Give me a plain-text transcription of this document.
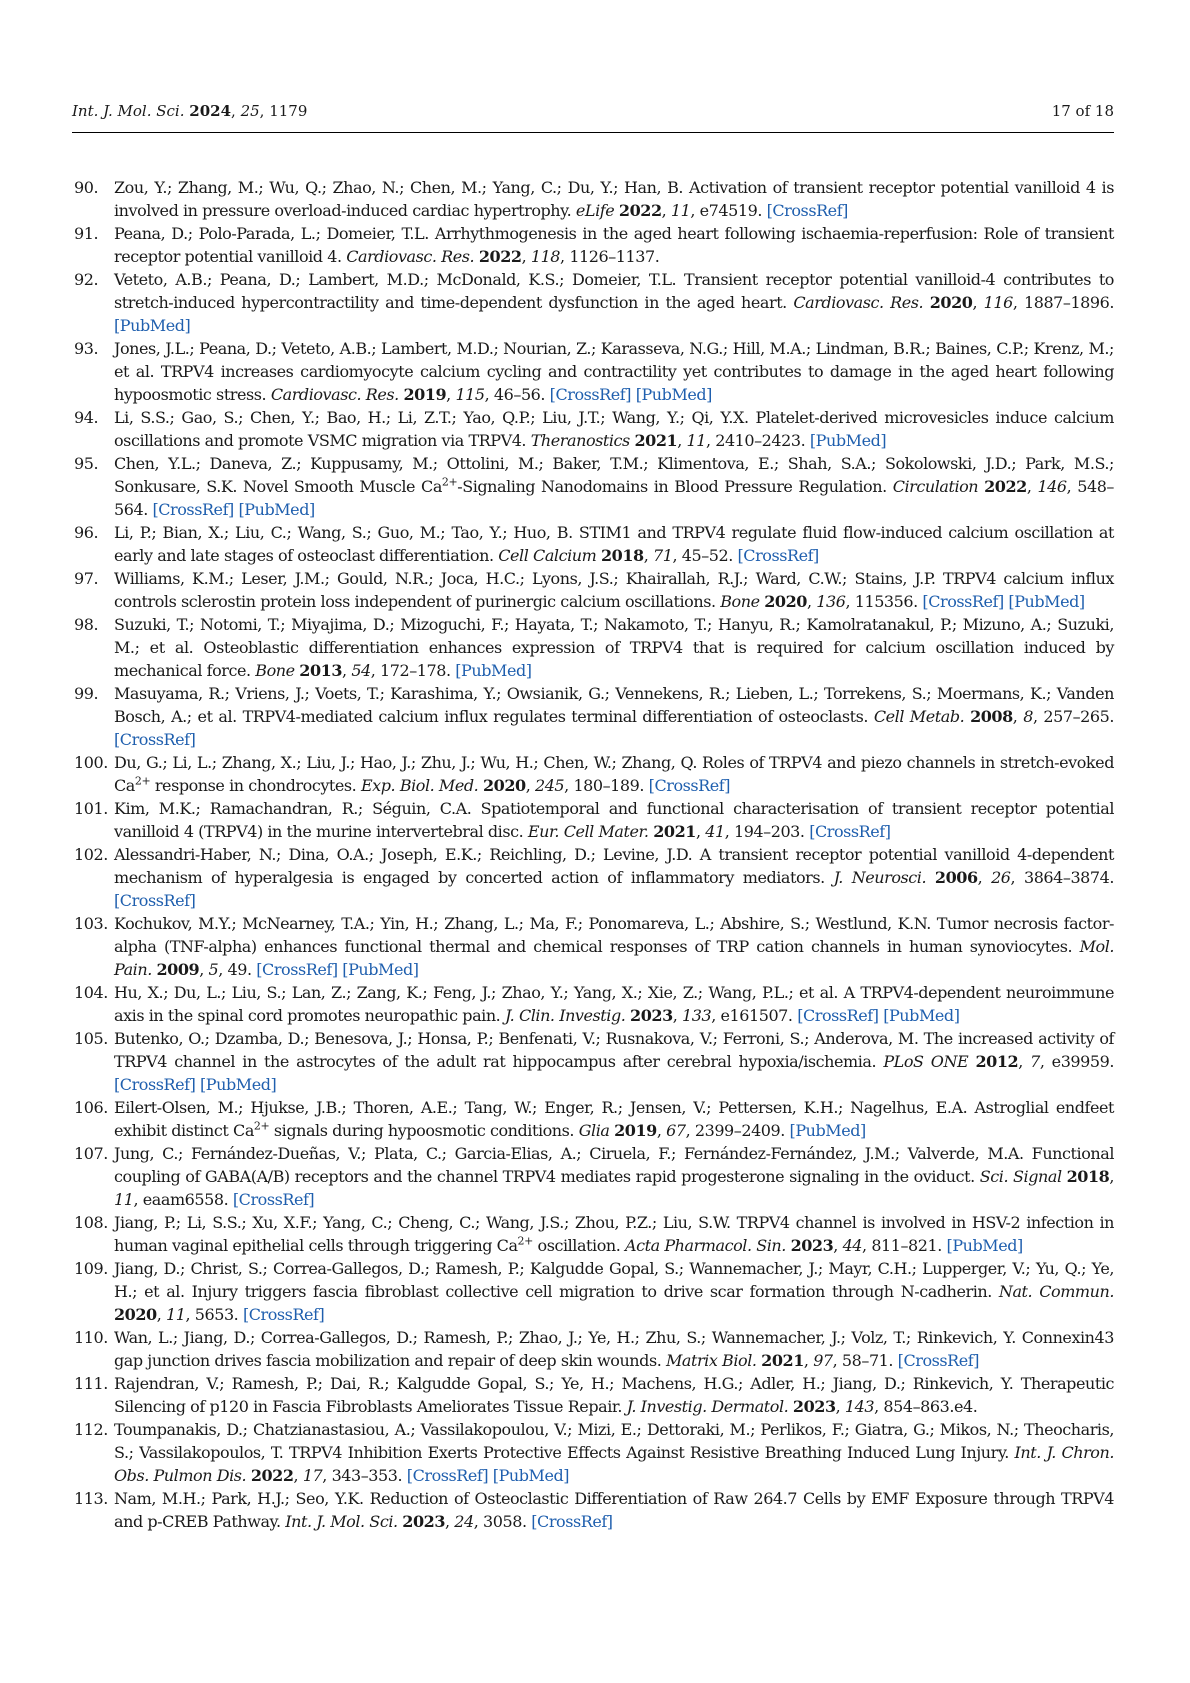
Int. J. Mol. Sci. 2024, 25, 1179	17 of 18
90. Zou, Y.; Zhang, M.; Wu, Q.; Zhao, N.; Chen, M.; Yang, C.; Du, Y.; Han, B. Activation of transient receptor potential vanilloid 4 is involved in pressure overload-induced cardiac hypertrophy. eLife 2022, 11, e74519. [CrossRef]
91. Peana, D.; Polo-Parada, L.; Domeier, T.L. Arrhythmogenesis in the aged heart following ischaemia-reperfusion: Role of transient receptor potential vanilloid 4. Cardiovasc. Res. 2022, 118, 1126–1137.
92. Veteto, A.B.; Peana, D.; Lambert, M.D.; McDonald, K.S.; Domeier, T.L. Transient receptor potential vanilloid-4 contributes to stretch-induced hypercontractility and time-dependent dysfunction in the aged heart. Cardiovasc. Res. 2020, 116, 1887–1896. [PubMed]
93. Jones, J.L.; Peana, D.; Veteto, A.B.; Lambert, M.D.; Nourian, Z.; Karasseva, N.G.; Hill, M.A.; Lindman, B.R.; Baines, C.P.; Krenz, M.; et al. TRPV4 increases cardiomyocyte calcium cycling and contractility yet contributes to damage in the aged heart following hypoosmotic stress. Cardiovasc. Res. 2019, 115, 46–56. [CrossRef] [PubMed]
94. Li, S.S.; Gao, S.; Chen, Y.; Bao, H.; Li, Z.T.; Yao, Q.P.; Liu, J.T.; Wang, Y.; Qi, Y.X. Platelet-derived microvesicles induce calcium oscillations and promote VSMC migration via TRPV4. Theranostics 2021, 11, 2410–2423. [PubMed]
95. Chen, Y.L.; Daneva, Z.; Kuppusamy, M.; Ottolini, M.; Baker, T.M.; Klimentova, E.; Shah, S.A.; Sokolowski, J.D.; Park, M.S.; Sonkusare, S.K. Novel Smooth Muscle $Ca^{2+}$-Signaling Nanodomains in Blood Pressure Regulation. Circulation 2022, 146, 548–564. [CrossRef] [PubMed]
96. Li, P.; Bian, X.; Liu, C.; Wang, S.; Guo, M.; Tao, Y.; Huo, B. STIM1 and TRPV4 regulate fluid flow-induced calcium oscillation at early and late stages of osteoclast differentiation. Cell Calcium 2018, 71, 45–52. [CrossRef]
97. Williams, K.M.; Leser, J.M.; Gould, N.R.; Joca, H.C.; Lyons, J.S.; Khairallah, R.J.; Ward, C.W.; Stains, J.P. TRPV4 calcium influx controls sclerostin protein loss independent of purinergic calcium oscillations. Bone 2020, 136, 115356. [CrossRef] [PubMed]
98. Suzuki, T.; Notomi, T.; Miyajima, D.; Mizoguchi, F.; Hayata, T.; Nakamoto, T.; Hanyu, R.; Kamolratanakul, P.; Mizuno, A.; Suzuki, M.; et al. Osteoblastic differentiation enhances expression of TRPV4 that is required for calcium oscillation induced by mechanical force. Bone 2013, 54, 172–178. [PubMed]
99. Masuyama, R.; Vriens, J.; Voets, T.; Karashima, Y.; Owsianik, G.; Vennekens, R.; Lieben, L.; Torrekens, S.; Moermans, K.; Vanden Bosch, A.; et al. TRPV4-mediated calcium influx regulates terminal differentiation of osteoclasts. Cell Metab. 2008, 8, 257–265. [CrossRef]
100. Du, G.; Li, L.; Zhang, X.; Liu, J.; Hao, J.; Zhu, J.; Wu, H.; Chen, W.; Zhang, Q. Roles of TRPV4 and piezo channels in stretch-evoked $Ca^{2+}$ response in chondrocytes. Exp. Biol. Med. 2020, 245, 180–189. [CrossRef]
101. Kim, M.K.; Ramachandran, R.; Séguin, C.A. Spatiotemporal and functional characterisation of transient receptor potential vanilloid 4 (TRPV4) in the murine intervertebral disc. Eur. Cell Mater. 2021, 41, 194–203. [CrossRef]
102. Alessandri-Haber, N.; Dina, O.A.; Joseph, E.K.; Reichling, D.; Levine, J.D. A transient receptor potential vanilloid 4-dependent mechanism of hyperalgesia is engaged by concerted action of inflammatory mediators. J. Neurosci. 2006, 26, 3864–3874. [CrossRef]
103. Kochukov, M.Y.; McNearney, T.A.; Yin, H.; Zhang, L.; Ma, F.; Ponomareva, L.; Abshire, S.; Westlund, K.N. Tumor necrosis factor-alpha (TNF-alpha) enhances functional thermal and chemical responses of TRP cation channels in human synoviocytes. Mol. Pain. 2009, 5, 49. [CrossRef] [PubMed]
104. Hu, X.; Du, L.; Liu, S.; Lan, Z.; Zang, K.; Feng, J.; Zhao, Y.; Yang, X.; Xie, Z.; Wang, P.L.; et al. A TRPV4-dependent neuroimmune axis in the spinal cord promotes neuropathic pain. J. Clin. Investig. 2023, 133, e161507. [CrossRef] [PubMed]
105. Butenko, O.; Dzamba, D.; Benesova, J.; Honsa, P.; Benfenati, V.; Rusnakova, V.; Ferroni, S.; Anderova, M. The increased activity of TRPV4 channel in the astrocytes of the adult rat hippocampus after cerebral hypoxia/ischemia. PLoS ONE 2012, 7, e39959. [CrossRef] [PubMed]
106. Eilert-Olsen, M.; Hjukse, J.B.; Thoren, A.E.; Tang, W.; Enger, R.; Jensen, V.; Pettersen, K.H.; Nagelhus, E.A. Astroglial endfeet exhibit distinct $Ca^{2+}$ signals during hypoosmotic conditions. Glia 2019, 67, 2399–2409. [PubMed]
107. Jung, C.; Fernández-Dueñas, V.; Plata, C.; Garcia-Elias, A.; Ciruela, F.; Fernández-Fernández, J.M.; Valverde, M.A. Functional coupling of GABA(A/B) receptors and the channel TRPV4 mediates rapid progesterone signaling in the oviduct. Sci. Signal 2018, 11, eaam6558. [CrossRef]
108. Jiang, P.; Li, S.S.; Xu, X.F.; Yang, C.; Cheng, C.; Wang, J.S.; Zhou, P.Z.; Liu, S.W. TRPV4 channel is involved in HSV-2 infection in human vaginal epithelial cells through triggering $Ca^{2+}$ oscillation. Acta Pharmacol. Sin. 2023, 44, 811–821. [PubMed]
109. Jiang, D.; Christ, S.; Correa-Gallegos, D.; Ramesh, P.; Kalgudde Gopal, S.; Wannemacher, J.; Mayr, C.H.; Lupperger, V.; Yu, Q.; Ye, H.; et al. Injury triggers fascia fibroblast collective cell migration to drive scar formation through N-cadherin. Nat. Commun. 2020, 11, 5653. [CrossRef]
110. Wan, L.; Jiang, D.; Correa-Gallegos, D.; Ramesh, P.; Zhao, J.; Ye, H.; Zhu, S.; Wannemacher, J.; Volz, T.; Rinkevich, Y. Connexin43 gap junction drives fascia mobilization and repair of deep skin wounds. Matrix Biol. 2021, 97, 58–71. [CrossRef]
111. Rajendran, V.; Ramesh, P.; Dai, R.; Kalgudde Gopal, S.; Ye, H.; Machens, H.G.; Adler, H.; Jiang, D.; Rinkevich, Y. Therapeutic Silencing of p120 in Fascia Fibroblasts Ameliorates Tissue Repair. J. Investig. Dermatol. 2023, 143, 854–863.e4.
112. Toumpanakis, D.; Chatzianastasiou, A.; Vassilakopoulou, V.; Mizi, E.; Dettoraki, M.; Perlikos, F.; Giatra, G.; Mikos, N.; Theocharis, S.; Vassilakopoulos, T. TRPV4 Inhibition Exerts Protective Effects Against Resistive Breathing Induced Lung Injury. Int. J. Chron. Obs. Pulmon Dis. 2022, 17, 343–353. [CrossRef] [PubMed]
113. Nam, M.H.; Park, H.J.; Seo, Y.K. Reduction of Osteoclastic Differentiation of Raw 264.7 Cells by EMF Exposure through TRPV4 and p-CREB Pathway. Int. J. Mol. Sci. 2023, 24, 3058. [CrossRef]
